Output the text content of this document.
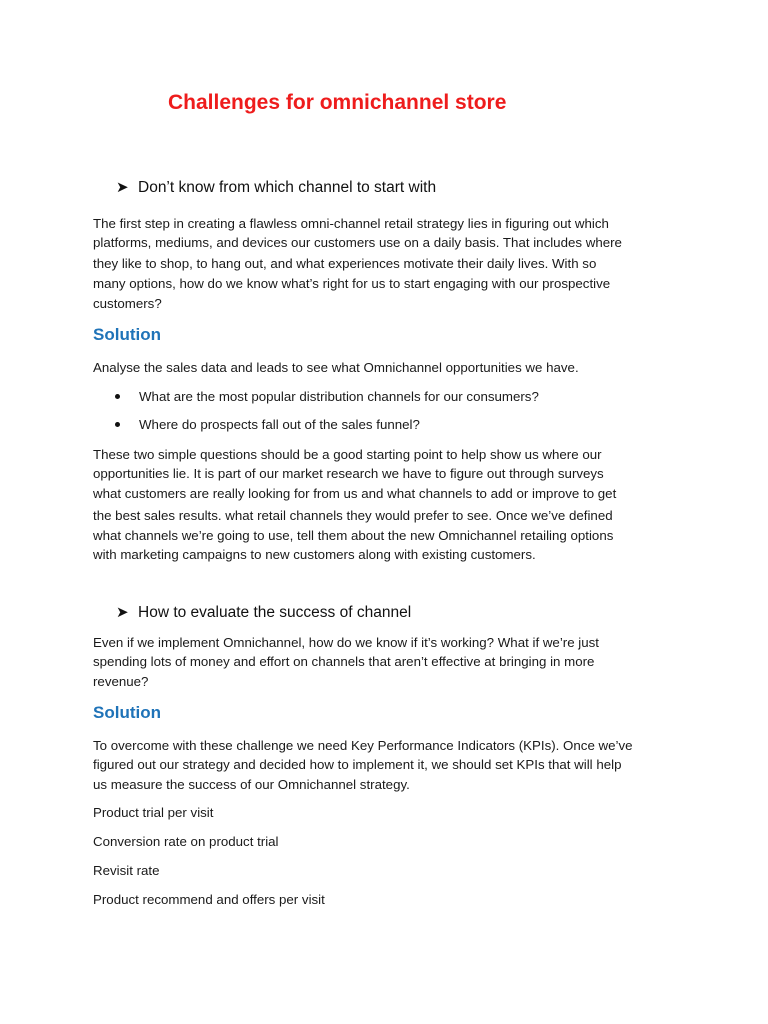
Challenges for omnichannel store
➤ Don’t know from which channel to start with

The first step in creating a flawless omni-channel retail strategy lies in figuring out which
platforms, mediums, and devices our customers use on a daily basis. That includes where
they like to shop, to hang out, and what experiences motivate their daily lives. With so
many options, how do we know what’s right for us to start engaging with our prospective
customers?

Solution

Analyse the sales data and leads to see what Omnichannel opportunities we have.

What are the most popular distribution channels for our consumers?
Where do prospects fall out of the sales funnel?

These two simple questions should be a good starting point to help show us where our
opportunities lie. It is part of our market research we have to figure out through surveys
what customers are really looking for from us and what channels to add or improve to get
the best sales results. what retail channels they would prefer to see. Once we’ve defined
what channels we’re going to use, tell them about the new Omnichannel retailing options
with marketing campaigns to new customers along with existing customers.

➤ How to evaluate the success of channel

Even if we implement Omnichannel, how do we know if it’s working? What if we’re just
spending lots of money and effort on channels that aren’t effective at bringing in more
revenue?

Solution

To overcome with these challenge we need Key Performance Indicators (KPIs). Once we’ve
figured out our strategy and decided how to implement it, we should set KPIs that will help
us measure the success of our Omnichannel strategy.

Product trial per visit

Conversion rate on product trial

Revisit rate

Product recommend and offers per visit
